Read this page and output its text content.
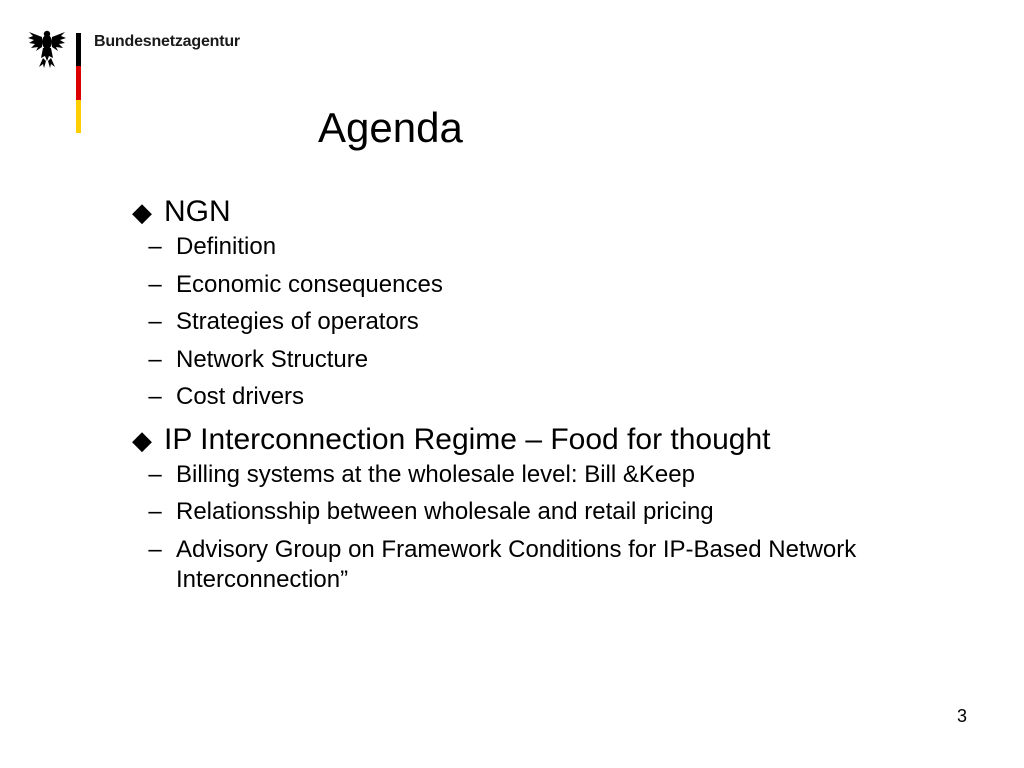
Bundesnetzagentur
Agenda
◆ NGN
– Definition
– Economic consequences
– Strategies of operators
– Network Structure
– Cost drivers
◆ IP Interconnection Regime – Food for thought
– Billing systems at the wholesale level: Bill &Keep
– Relationsship between wholesale and retail pricing
– Advisory Group on Framework Conditions for IP-Based Network Interconnection”
3
